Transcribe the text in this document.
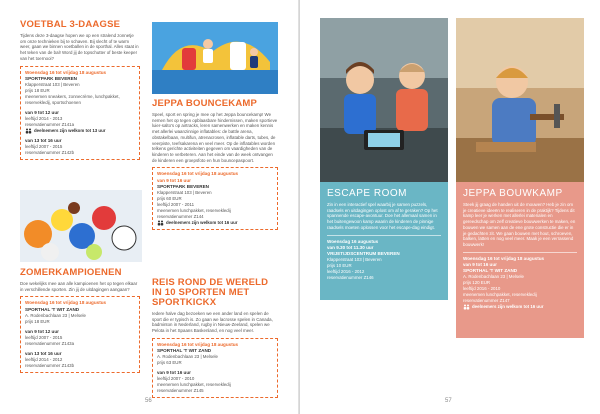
VOETBAL 3-DAAGSE
Tijdens deze 3-daagse hopen we op een stralend zonnetje om onze technieken bij te schaven. Bij slecht of te warm weer, gaan we binnen voetballen in de sporthal. Alles staat in het teken van de bal! Word jij de topschutter of beste keeper van het toernooi?
Woensdag 16 tot vrijdag 18 augustus
SPORTPARK BEVEREN
Klapperstraat 103 | Beveren
prijs 18 EUR
meenemen sneakers, zonnecrème, lunchpakket, reservekledij, sportschoenen
van 9 tot 12 uur
leeftijd 2014 - 2013
reservatienummer Z141a
deelnemers zijn welkom tot 13 uur
van 13 tot 16 uur
leeftijd 2007 - 2015
reservatienummer Z142b
ZOMERKAMPIOENEN
Doe wekelijks mee aan alle kampioenen het op tegen elkaar in verschillende sporten. Zin jij de uitdagingen aangaan?
Woensdag 16 tot vrijdag 18 augustus
SPORTHAL 'T WIT ZAND
A. Rodenbachlaan 23 | Melsele
prijs 18 EUR
van 9 tot 12 uur
leeftijd 2007 - 2015
reservatienummer Z143a
van 13 tot 16 uur
leeftijd 2014 - 2012
reservatienummer Z143b
JEPPA BOUNCEKAMP
Speel, sport en spring je mee op het Jeppa bouncekamp! We nemen het op tegen opblaasbare hindernissen, maken sportieve luier-salto's op airtracks, leren samenwerken en maken kennis met allerlei waanzinnige inflatables: de battle arena, obstakelbaan, multifun, atrenacrosen, inflatable darts, tubes, de veerpiste, teefsakarena en veel meer. Op de inflatables worden telkens gerichte activiteiten gegeven om vaardigheden van de kinderen te verbeteren. Aan het einde van de week ontvangen de kinderen een groepsfoto en hun bouncepaspoort.
Woensdag 16 tot vrijdag 18 augustus
van 9 tot 16 uur
SPORTPARK BEVEREN
Klapperstraat 103 | Beveren
prijs 60 EUR
leeftijd 2007 - 2011
meenemen lunchpakket, reservekledij
reservatienummer Z144
deelnemers zijn welkom tot 16 uur
REIS ROND DE WERELD IN 10 SPORTEN MET SPORTKICKX
Iedere halve dag bezoeken we een ander land en spelen de sport die er typisch is. Zo gaan we lacrosse spelen in Canada, badminton in Nederland, rugby in Nieuw-Zeeland, spelen we Pelota in het Spaans Baskenland, en nog veel meer.
Woensdag 16 tot vrijdag 18 augustus
SPORTHAL 'T WIT ZAND
A. Rodenbachlaan 23 | Melsele
prijs 63 EUR
van 9 tot 16 uur
leeftijd 2007 - 2010
meenemen lunchpakket, reservekledij
reservatienummer Z145
56
ESCAPE ROOM
Zin in een interactief spel waarbij je samen puzzels, raadsels en uitdagingen oplost om af te geraken? Op het spannende escape-avontuur. Doe het allemaal samen in het buitengewoon kamp waarin de kinderen de pinnige raadsels moeten oplossen voor het escape-dag eindigt.
Woensdag 16 augustus
van 9.30 tot 11.30 uur
VRIJETIJDSCENTRUM BEVEREN
Klapperstraat 103 | Beveren
prijs 10 EUR
leeftijd 2016 - 2012
reservatienummer Z146
JEPPA BOUWKAMP
Steek jij graag de handen uit de mouwen? Heb je zin om je creatieve ideeën te realiseren in de praktijk? Tijdens dit kamp leer je werken met allerlei materialen en gereedschap om zelf creatieve bouwwerken te maken, en bouwen we samen aan de ene grote constructie die er in je gedachten zit. We gaan bouwen met hout, schroeven, balken, latten en nog veel meer. Maak je een verrassend bouwwerk!
Woensdag 16 tot vrijdag 18 augustus
van 9 tot 16 uur
SPORTHAL 'T WIT ZAND
A. Rodenbachlaan 23 | Melsele
prijs 120 EUR
leeftijd 2016 - 2010
meenemen lunchpakket, reservekledij
reservatienummer Z147
deelnemers zijn welkom tot 16 uur
57
